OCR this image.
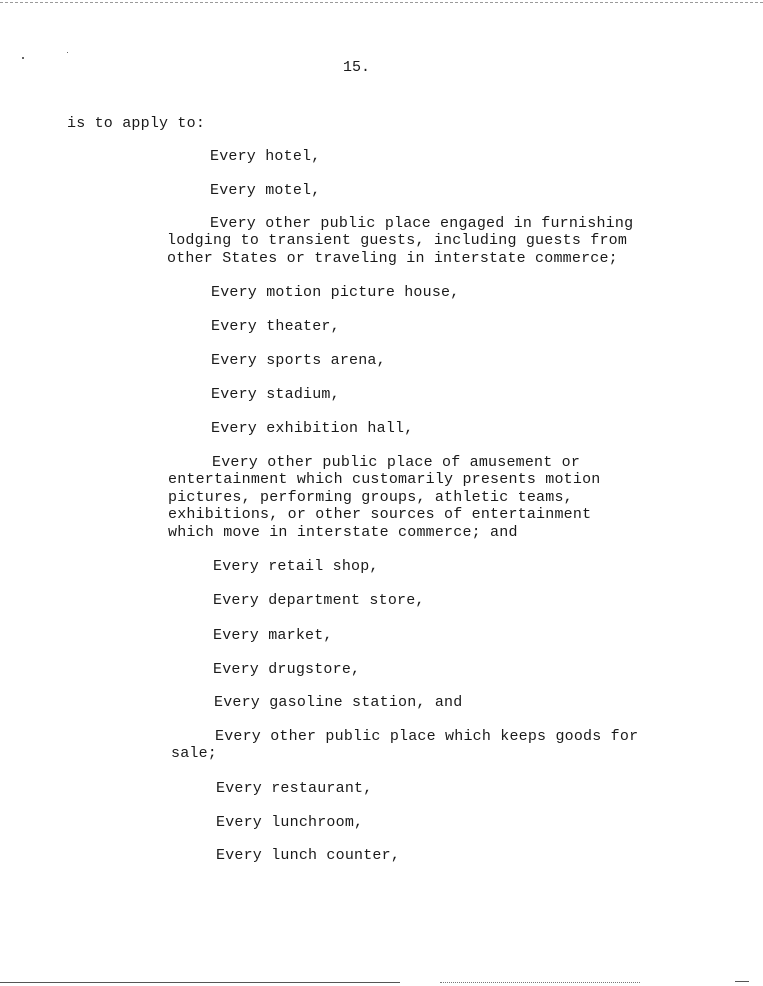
15.
is to apply to:
Every hotel,
Every motel,
Every other public place engaged in furnishing
lodging to transient guests, including guests from
other States or traveling in interstate commerce;
Every motion picture house,
Every theater,
Every sports arena,
Every stadium,
Every exhibition hall,
Every other public place of amusement or
entertainment which customarily presents motion
pictures, performing groups, athletic teams,
exhibitions, or other sources of entertainment
which move in interstate commerce; and
Every retail shop,
Every department store,
Every market,
Every drugstore,
Every gasoline station, and
Every other public place which keeps goods for
sale;
Every restaurant,
Every lunchroom,
Every lunch counter,
